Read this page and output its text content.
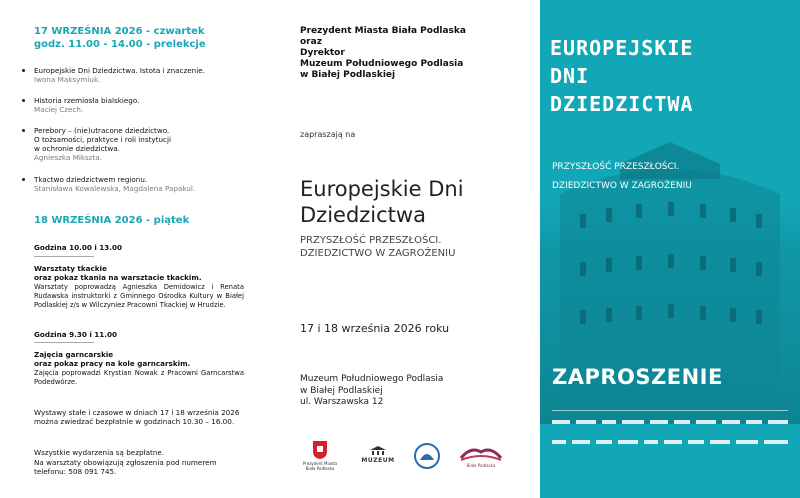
17 WRZEŚNIA 2026 - czwartek
godz. 11.00 - 14.00 - prelekcje
Europejskie Dni Dziedzictwa. Istota i znaczenie.
Iwona Maksymiuk.
Historia rzemiosła bialskiego.
Maciej Czech.
Perebory – (nie)utracone dziedzictwo.
O tożsamości, praktyce i roli instytucji
w ochronie dziedzictwa.
Agnieszka Mikszta.
Tkactwo dziedzictwem regionu.
Stanisława Kowalewska, Magdalena Papakul.
18 WRZEŚNIA 2026 - piątek
Godzina 10.00 i 13.00
Warsztaty tkackie
oraz pokaz tkania na warsztacie tkackim.
Warsztaty poprowadzą Agnieszka Demidowicz i Renata Rudawska instruktorki z Gminnego Ośrodka Kultury w Białej Podlaskiej z/s w Wilczyniez Pracowni Tkackiej w Hrudzie.
Godzina 9.30 i 11.00
Zajęcia garncarskie
oraz pokaz pracy na kole garncarskim.
Zajęcia poprowadzi Krystian Nowak z Pracowni Garncarstwa Podedwórze.
Wystawy stałe i czasowe w dniach 17 i 18 września 2026 można zwiedzać bezpłatnie w godzinach 10.30 – 16.00.
Wszystkie wydarzenia są bezpłatne.
Na warsztaty obowiązują zgłoszenia pod numerem telefonu: 508 091 745.
Prezydent Miasta Biała Podlaska
oraz
Dyrektor
Muzeum Południowego Podlasia
w Białej Podlaskiej
zapraszają na
Europejskie Dni
Dziedzictwa
PRZYSZŁOŚĆ PRZESZŁOŚCI.
DZIEDZICTWO W ZAGROŻENIU
17 i 18 września 2026 roku
Muzeum Południowego Podlasia
w Białej Podlaskiej
ul. Warszawska 12
Prezydent Miasta Biała Podlaska
MUZEUM
Biała Podlaska
EUROPEJSKIE
DNI
DZIEDZICTWA
PRZYSZŁOŚĆ PRZESZŁOŚCI.
DZIEDZICTWO W ZAGROŻENIU
ZAPROSZENIE
